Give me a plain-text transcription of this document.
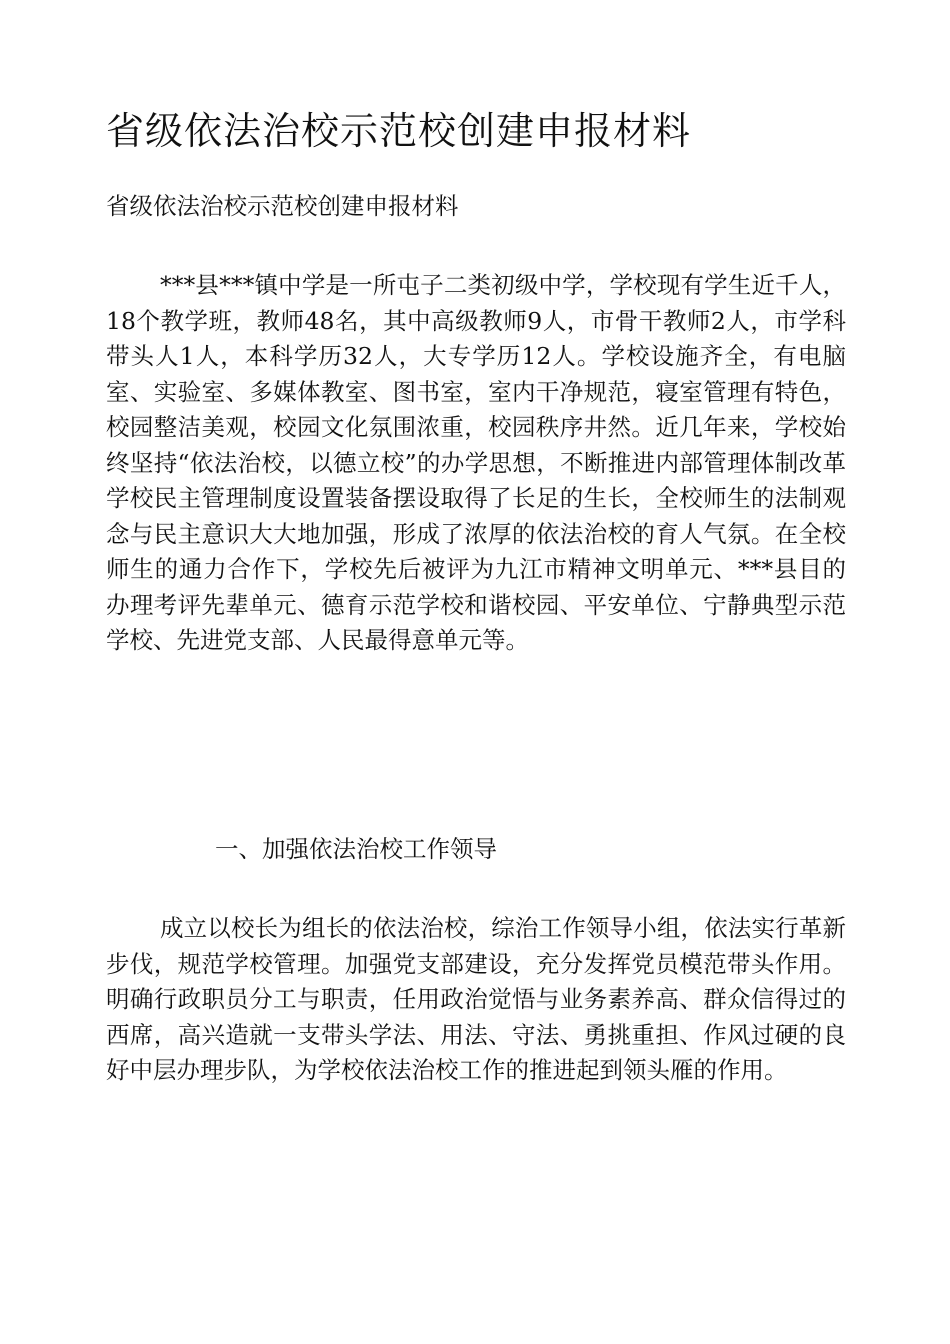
省级依法治校示范校创建申报材料

省级依法治校示范校创建申报材料

***县***镇中学是一所屯子二类初级中学，学校现有学生近千人，18个教学班，教师48名，其中高级教师9人，市骨干教师2人，市学科带头人1人，本科学历32人，大专学历12人。学校设施齐全，有电脑室、实验室、多媒体教室、图书室，室内干净规范，寝室管理有特色，校园整洁美观，校园文化氛围浓重，校园秩序井然。近几年来，学校始终坚持“依法治校，以德立校”的办学思想，不断推进内部管理体制改革学校民主管理制度设置装备摆设取得了长足的生长，全校师生的法制观念与民主意识大大地加强，形成了浓厚的依法治校的育人气氛。在全校师生的通力合作下，学校先后被评为九江市精神文明单元、***县目的办理考评先辈单元、德育示范学校和谐校园、平安单位、宁静典型示范学校、先进党支部、人民最得意单元等。

一、加强依法治校工作领导

成立以校长为组长的依法治校，综治工作领导小组，依法实行革新步伐，规范学校管理。加强党支部建设，充分发挥党员模范带头作用。明确行政职员分工与职责，任用政治觉悟与业务素养高、群众信得过的西席，高兴造就一支带头学法、用法、守法、勇挑重担、作风过硬的良好中层办理步队，为学校依法治校工作的推进起到领头雁的作用。
